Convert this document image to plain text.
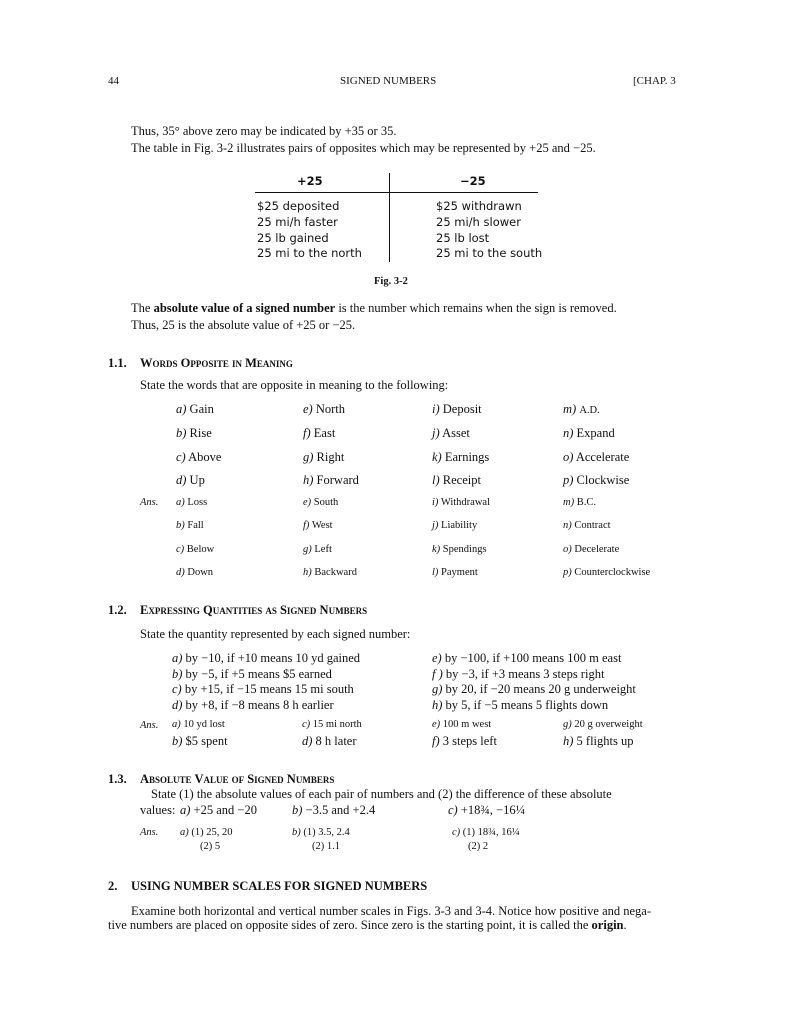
44	SIGNED NUMBERS	[CHAP. 3
Thus, 35° above zero may be indicated by +35 or 35.
The table in Fig. 3-2 illustrates pairs of opposites which may be represented by +25 and −25.
+25	−25
$25 deposited	$25 withdrawn
25 mi/h faster	25 mi/h slower
25 lb gained	25 lb lost
25 mi to the north	25 mi to the south
Fig. 3-2
The absolute value of a signed number is the number which remains when the sign is removed.
Thus, 25 is the absolute value of +25 or −25.
1.1. Words Opposite in Meaning
State the words that are opposite in meaning to the following:
a) Gain	e) North	i) Deposit	m) A.D.
b) Rise	f) East	j) Asset	n) Expand
c) Above	g) Right	k) Earnings	o) Accelerate
d) Up	h) Forward	l) Receipt	p) Clockwise
Ans. a) Loss	e) South	i) Withdrawal	m) B.C.
b) Fall	f) West	j) Liability	n) Contract
c) Below	g) Left	k) Spendings	o) Decelerate
d) Down	h) Backward	l) Payment	p) Counterclockwise
1.2. Expressing Quantities as Signed Numbers
State the quantity represented by each signed number:
a) by −10, if +10 means 10 yd gained	e) by −100, if +100 means 100 m east
b) by −5, if +5 means $5 earned	f ) by −3, if +3 means 3 steps right
c) by +15, if −15 means 15 mi south	g) by 20, if −20 means 20 g underweight
d) by +8, if −8 means 8 h earlier	h) by 5, if −5 means 5 flights down
Ans. a) 10 yd lost	c) 15 mi north	e) 100 m west	g) 20 g overweight
b) $5 spent	d) 8 h later	f) 3 steps left	h) 5 flights up
1.3. Absolute Value of Signed Numbers
State (1) the absolute values of each pair of numbers and (2) the difference of these absolute
values: a) +25 and −20	b) −3.5 and +2.4	c) +18¾, −16¼
Ans. a) (1) 25, 20
(2) 5
b) (1) 3.5, 2.4
(2) 1.1
c) (1) 18¾, 16¼
(2) 2
2. USING NUMBER SCALES FOR SIGNED NUMBERS
Examine both horizontal and vertical number scales in Figs. 3-3 and 3-4. Notice how positive and nega-
tive numbers are placed on opposite sides of zero. Since zero is the starting point, it is called the origin.
